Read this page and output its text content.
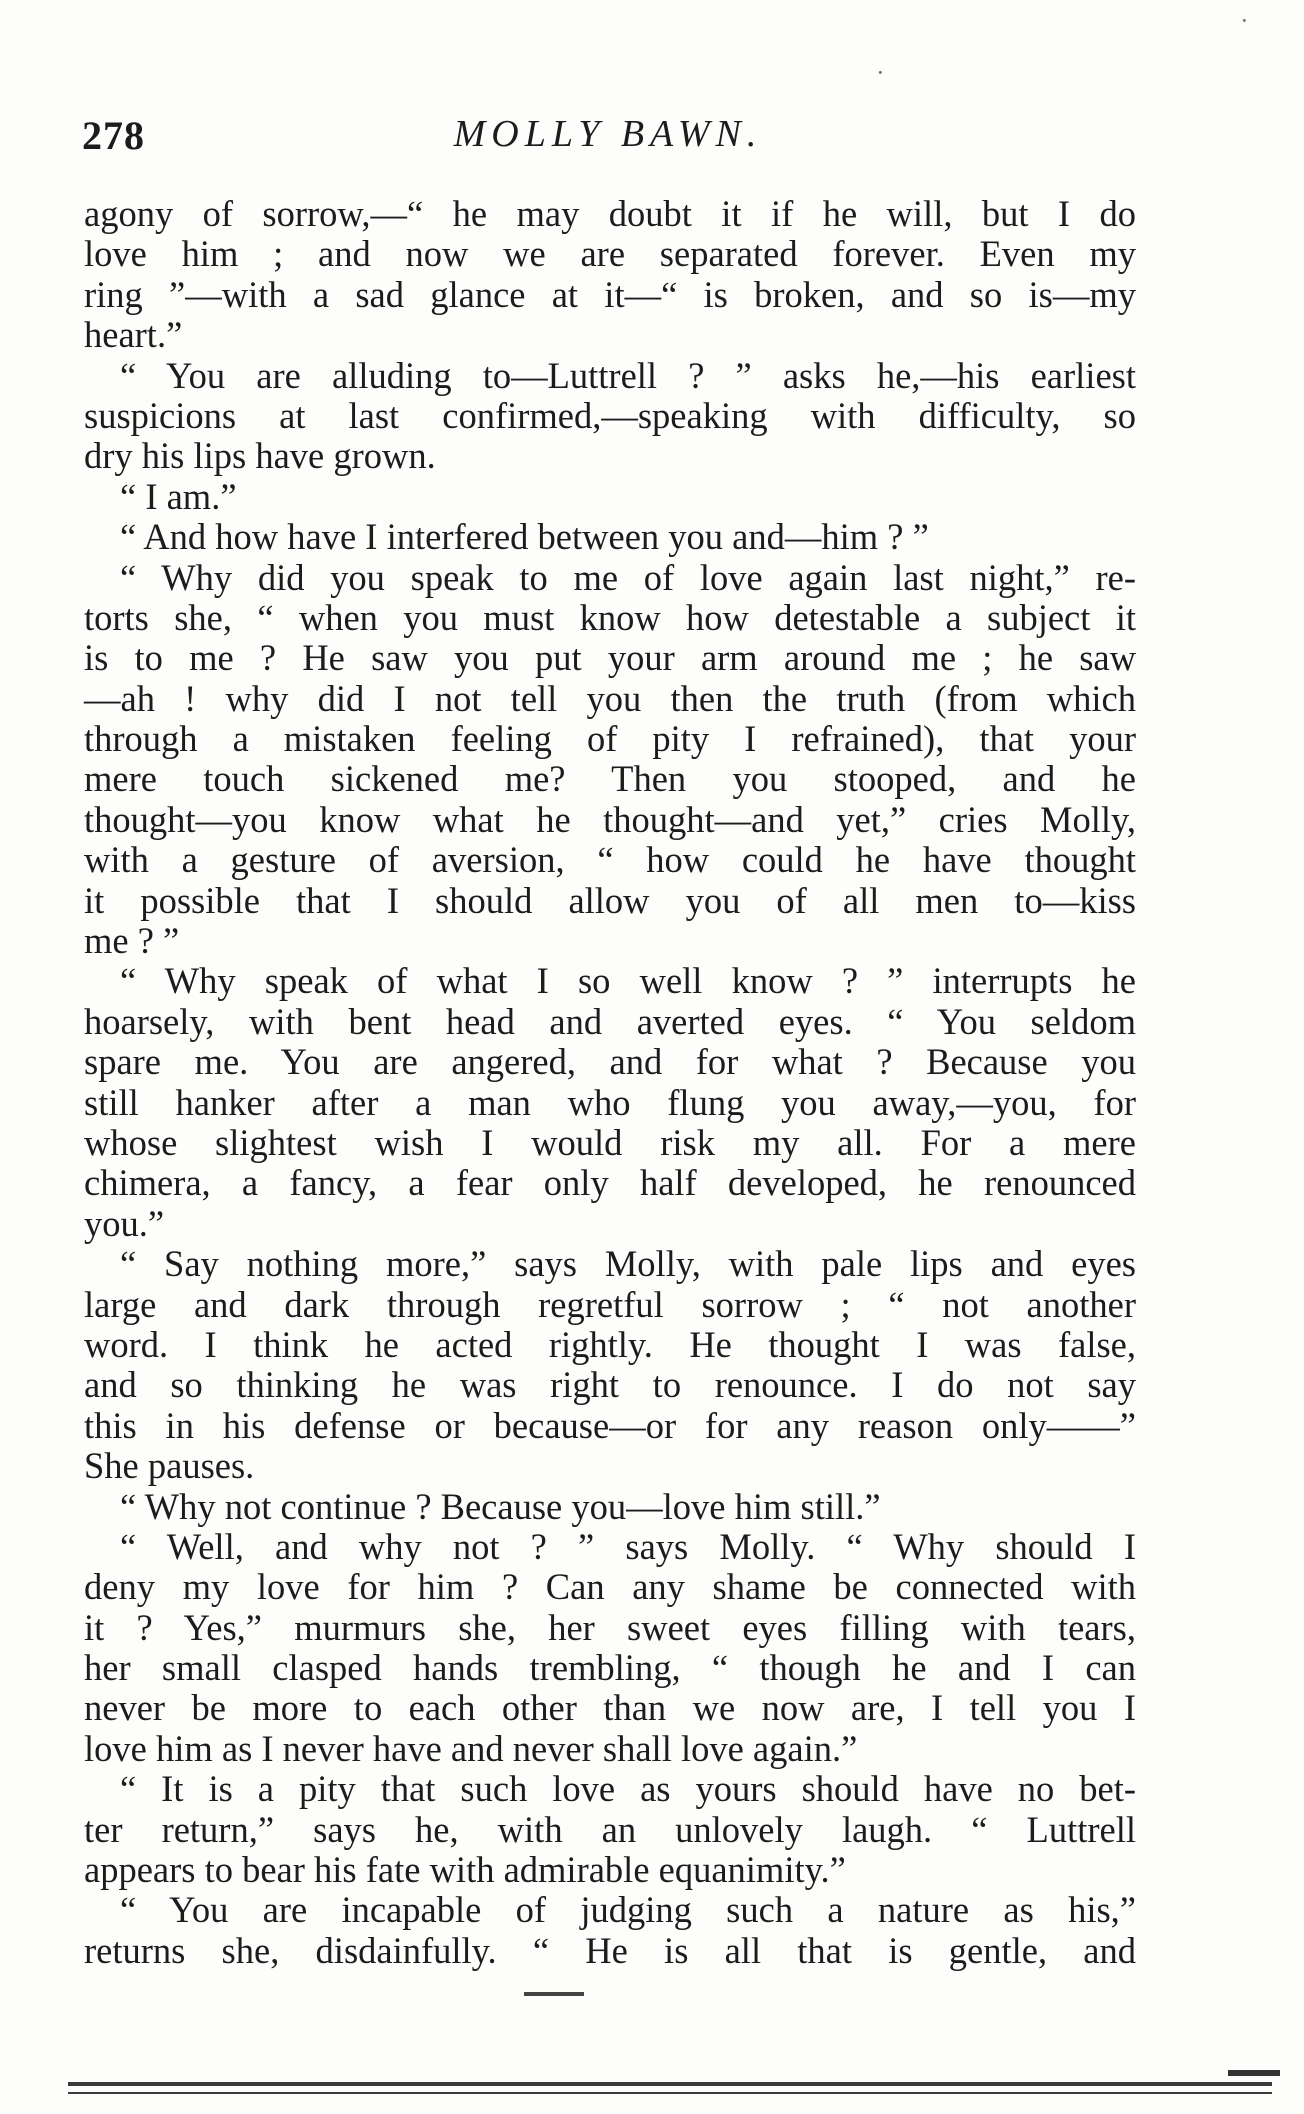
278	MOLLY BAWN.
agony of sorrow,—“ he may doubt it if he will, but I do
love him ; and now we are separated forever. Even my
ring ”—with a sad glance at it—“ is broken, and so is—my
heart.”
“ You are alluding to—Luttrell ? ” asks he,—his earliest
suspicions at last confirmed,—speaking with difficulty, so
dry his lips have grown.
“ I am.”
“ And how have I interfered between you and—him ? ”
“ Why did you speak to me of love again last night,” re-
torts she, “ when you must know how detestable a subject it
is to me ? He saw you put your arm around me ; he saw
—ah ! why did I not tell you then the truth (from which
through a mistaken feeling of pity I refrained), that your
mere touch sickened me? Then you stooped, and he
thought—you know what he thought—and yet,” cries Molly,
with a gesture of aversion, “ how could he have thought
it possible that I should allow you of all men to—kiss
me ? ”
“ Why speak of what I so well know ? ” interrupts he
hoarsely, with bent head and averted eyes. “ You seldom
spare me. You are angered, and for what ? Because you
still hanker after a man who flung you away,—you, for
whose slightest wish I would risk my all. For a mere
chimera, a fancy, a fear only half developed, he renounced
you.”
“ Say nothing more,” says Molly, with pale lips and eyes
large and dark through regretful sorrow ; “ not another
word. I think he acted rightly. He thought I was false,
and so thinking he was right to renounce. I do not say
this in his defense or because—or for any reason only——”
She pauses.
“ Why not continue ? Because you—love him still.”
“ Well, and why not ? ” says Molly. “ Why should I
deny my love for him ? Can any shame be connected with
it ? Yes,” murmurs she, her sweet eyes filling with tears,
her small clasped hands trembling, “ though he and I can
never be more to each other than we now are, I tell you I
love him as I never have and never shall love again.”
“ It is a pity that such love as yours should have no bet-
ter return,” says he, with an unlovely laugh. “ Luttrell
appears to bear his fate with admirable equanimity.”
“ You are incapable of judging such a nature as his,”
returns she, disdainfully. “ He is all that is gentle, and
·
·
